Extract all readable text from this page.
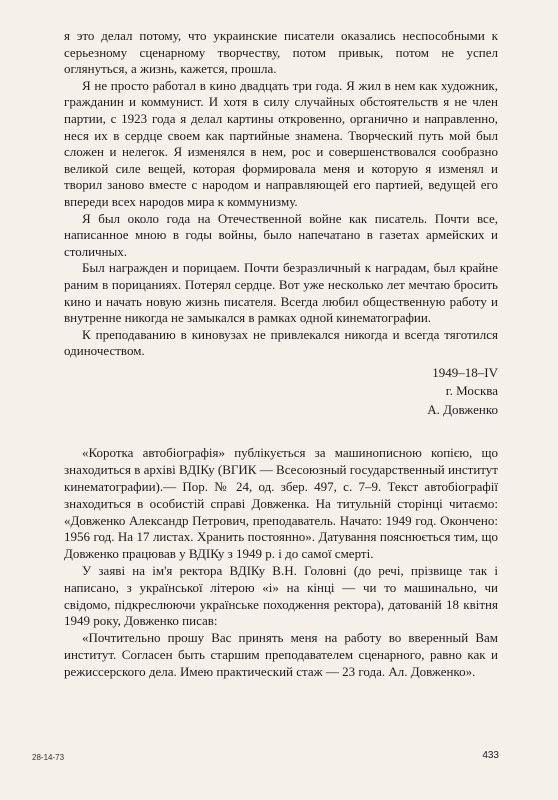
я это делал потому, что украинские писатели оказались неспособными к серьезному сценарному творчеству, потом привык, потом не успел оглянуться, а жизнь, кажется, прошла.

Я не просто работал в кино двадцать три года. Я жил в нем как художник, гражданин и коммунист. И хотя в силу случайных обстоятельств я не член партии, с 1923 года я делал картины откровенно, органично и направленно, неся их в сердце своем как партийные знамена. Творческий путь мой был сложен и нелегок. Я изменялся в нем, рос и совершенствовался сообразно великой силе вещей, которая формировала меня и которую я изменял и творил заново вместе с народом и направляющей его партией, ведущей его впереди всех народов мира к коммунизму.

Я был около года на Отечественной войне как писатель. Почти все, написанное мною в годы войны, было напечатано в газетах армейских и столичных.

Был награжден и порицаем. Почти безразличный к наградам, был крайне раним в порицаниях. Потерял сердце. Вот уже несколько лет мечтаю бросить кино и начать новую жизнь писателя. Всегда любил общественную работу и внутренне никогда не замыкался в рамках одной кинематографии.

К преподаванию в киновузах не привлекался никогда и всегда тяготился одиночеством.

1949–18–IV
г. Москва
А. Довженко

«Коротка автобіографія» публікується за машинописною копією, що знаходиться в архіві ВДІКу (ВГИК — Всесоюзный государственный институт кинематографии).— Пор. № 24, од. збер. 497, с. 7–9. Текст автобіографії знаходиться в особистій справі Довженка. На титульній сторінці читаємо: «Довженко Александр Петрович, преподаватель. Начато: 1949 год. Окончено: 1956 год. На 17 листах. Хранить постоянно». Датування пояснюється тим, що Довженко працював у ВДІКу з 1949 р. і до самої смерті.

У заяві на ім'я ректора ВДІКу В.Н. Головні (до речі, прізвище так і написано, з української літерою «і» на кінці — чи то машинально, чи свідомо, підкреслюючи українське походження ректора), датованій 18 квітня 1949 року, Довженко писав:

«Почтительно прошу Вас принять меня на работу во вверенный Вам институт. Согласен быть старшим преподавателем сценарного, равно как и режиссерского дела. Имею практический стаж — 23 года. Ал. Довженко».

28-14-73	433
